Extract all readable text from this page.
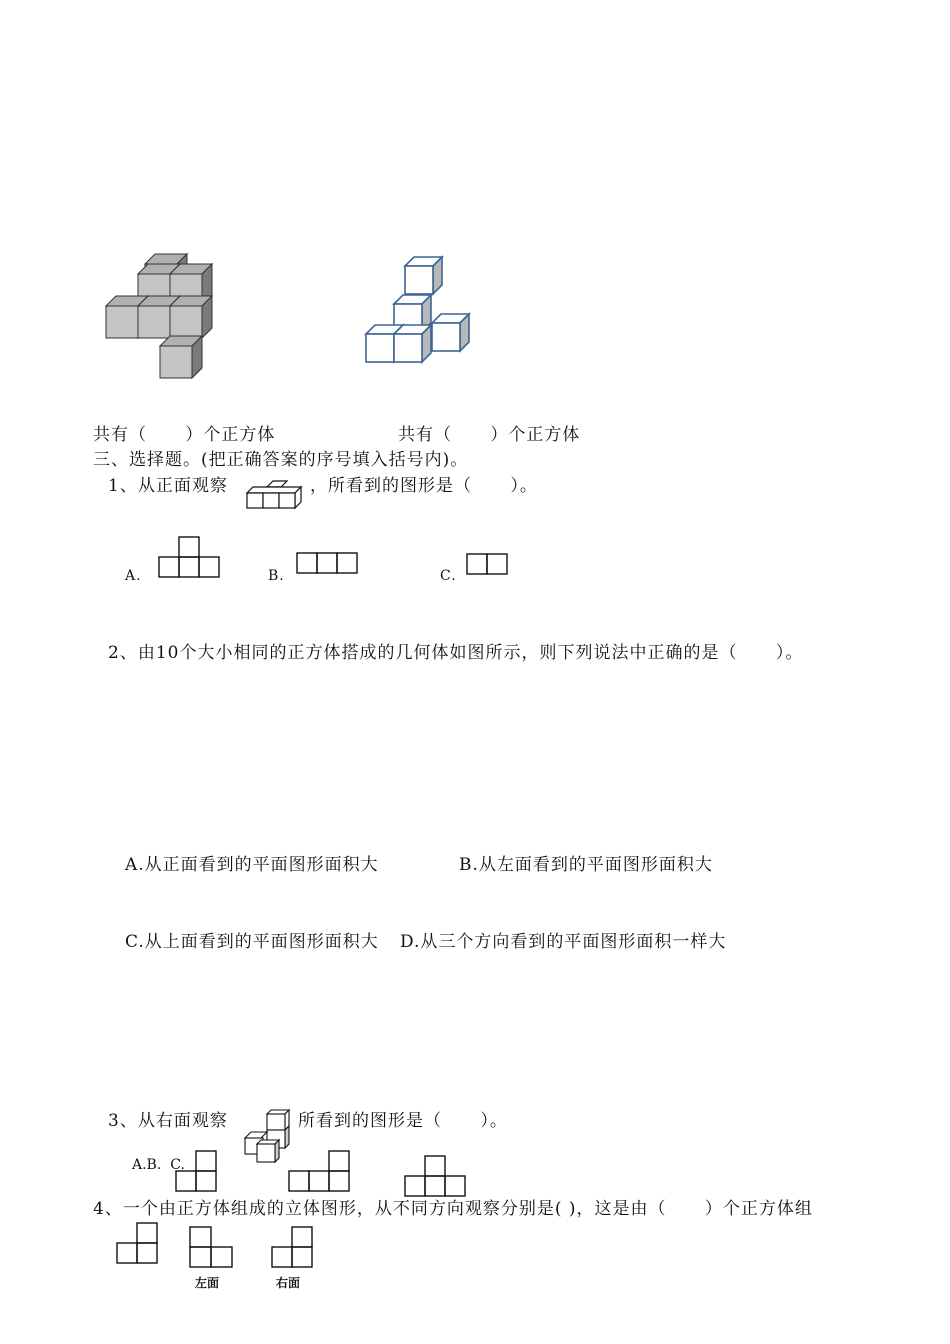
共有（      ）个正方体	共有（      ）个正方体
三、选择题。(把正确答案的序号填入括号内)。
1、从正面观察	，所看到的图形是（      ）。
A.	B.	C.
2、由10个大小相同的正方体搭成的几何体如图所示，则下列说法中正确的是（      ）。
A.从正面看到的平面图形面积大	B.从左面看到的平面图形面积大
C.从上面看到的平面图形面积大 D.从三个方向看到的平面图形面积一样大
3、从右面观察	所看到的图形是（      ）。
A.B.  C.
4、一个由正方体组成的立体图形，从不同方向观察分别是( )，这是由（      ）个正方体组
左面	右面
